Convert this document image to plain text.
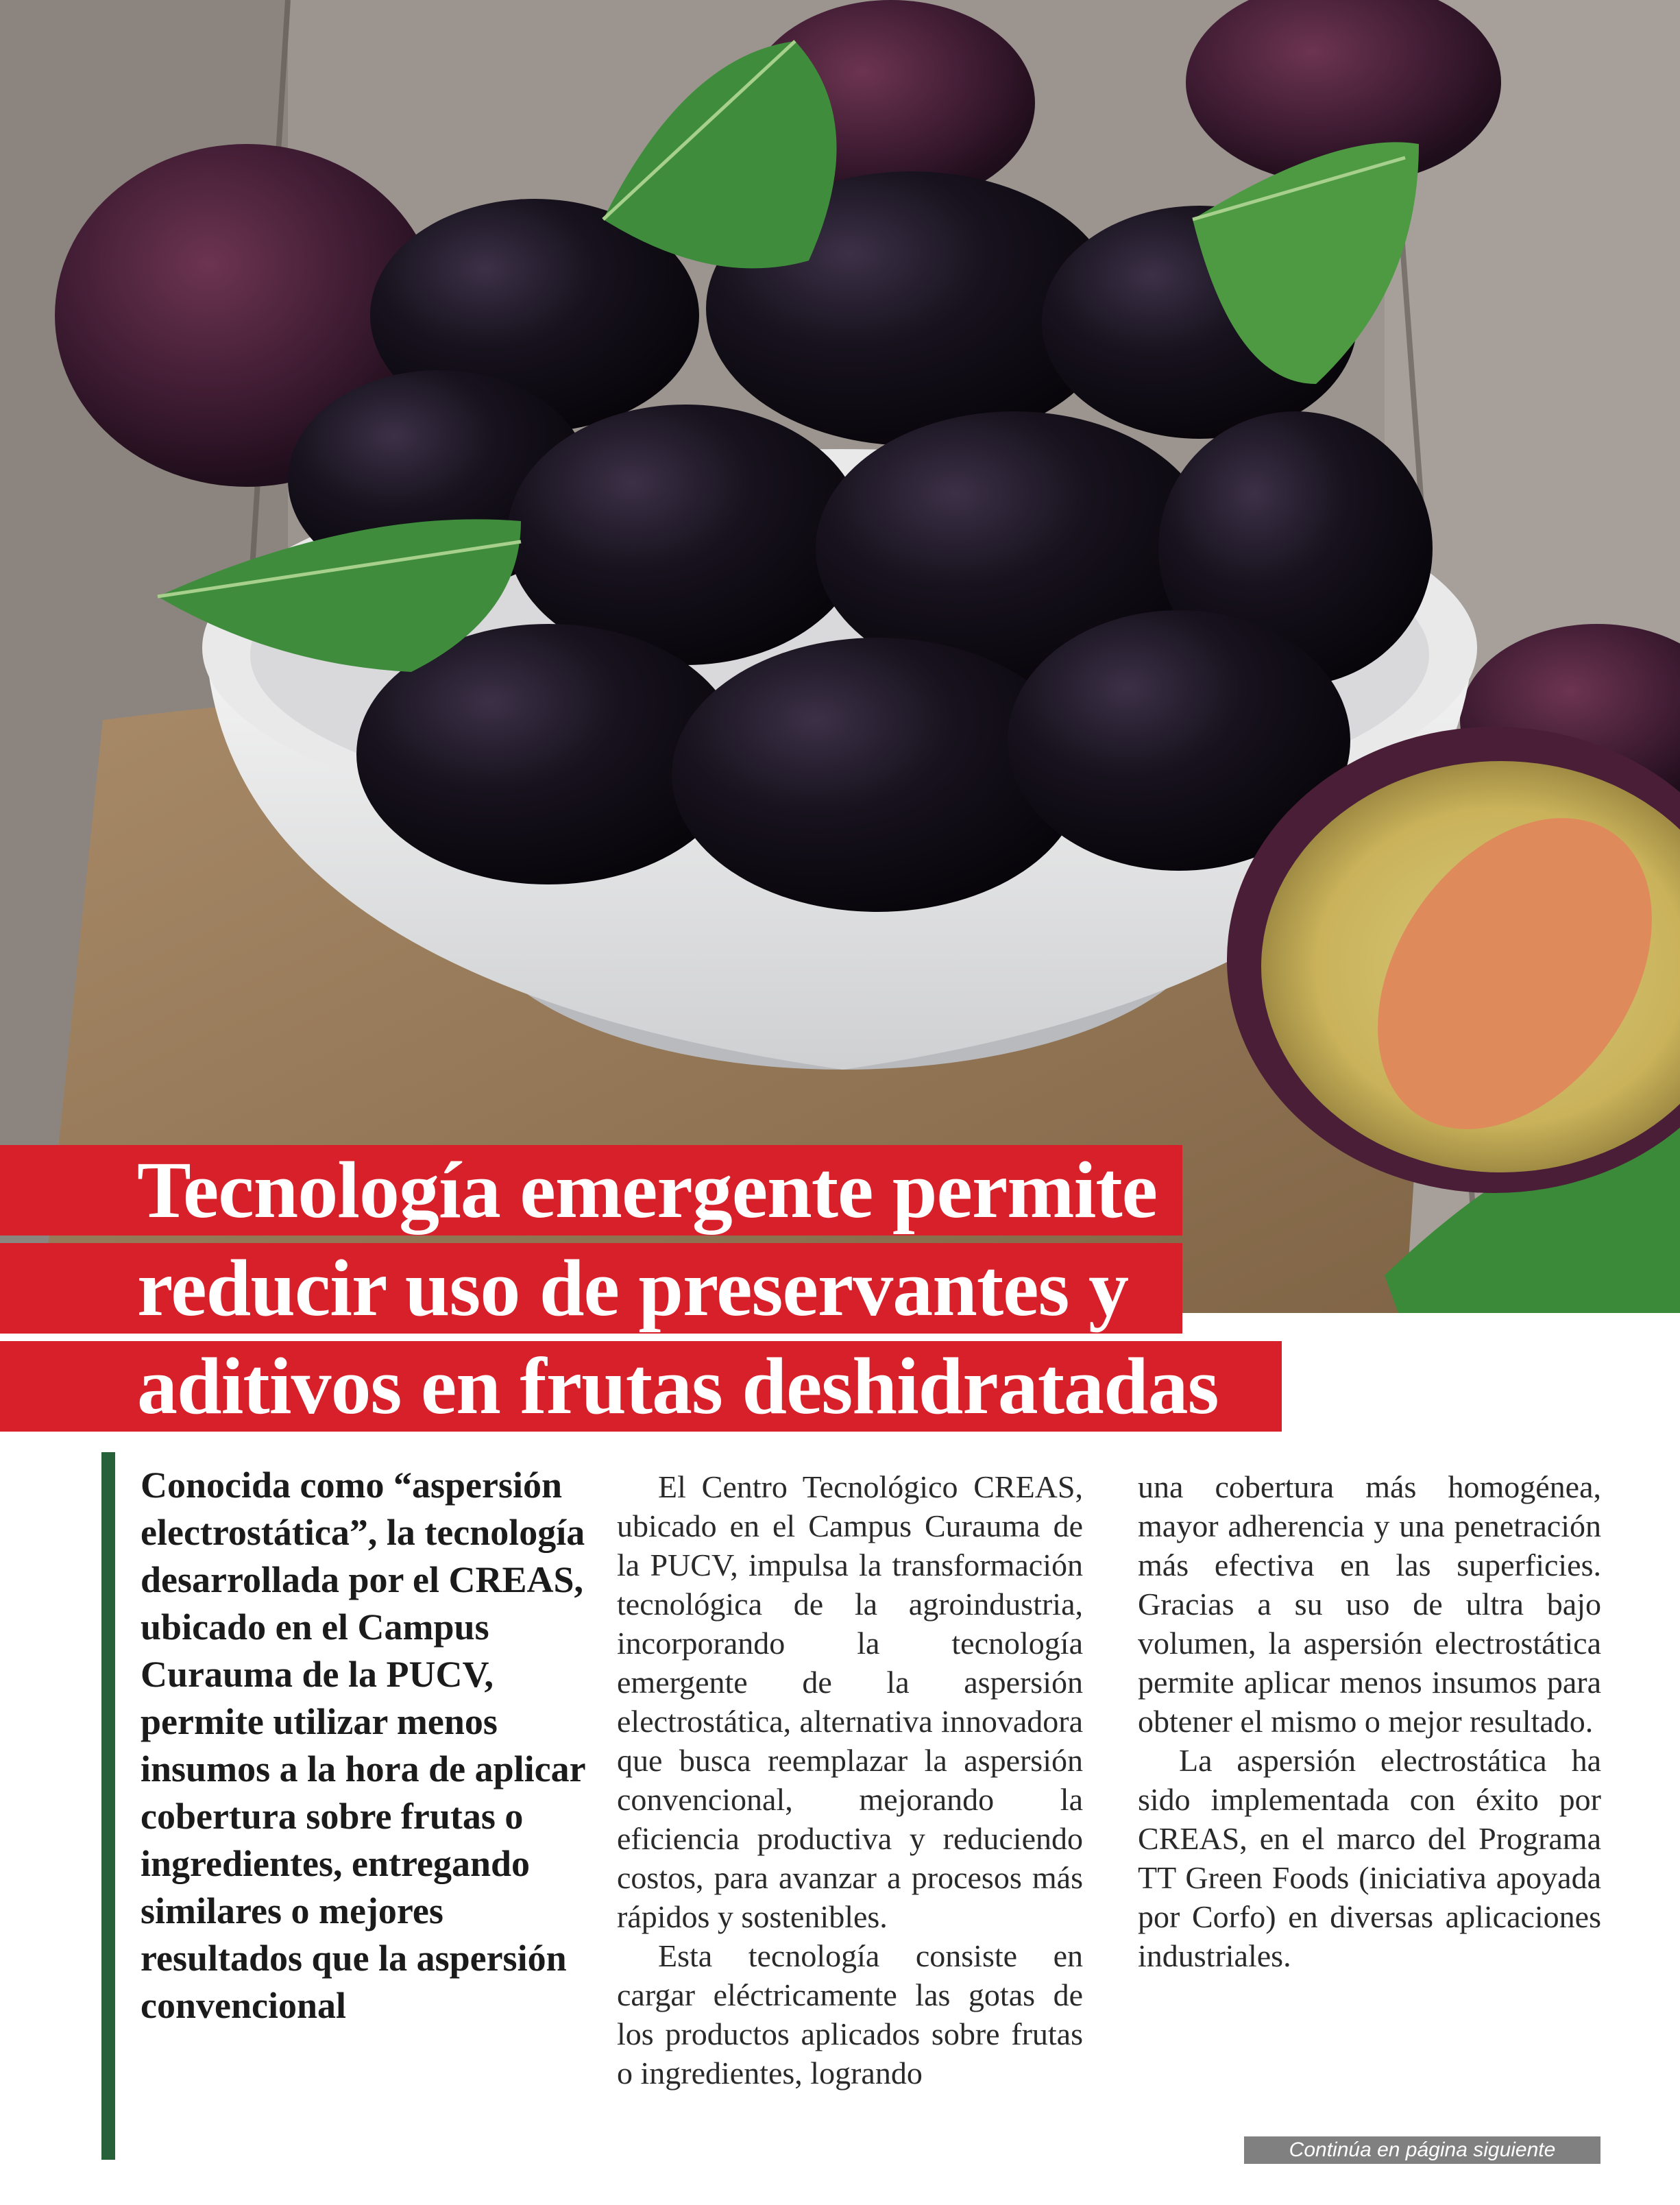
Tecnología emergente permite
reducir uso de preservantes y
aditivos en frutas deshidratadas
Conocida como “aspersión electrostática”, la tecnología desarrollada por el CREAS, ubicado en el Campus Curauma de la PUCV, permite utilizar menos insumos a la hora de aplicar cobertura sobre frutas o ingredientes, entregando similares o mejores resultados que la aspersión convencional

El Centro Tecnológico CREAS, ubicado en el Campus Curauma de la PUCV, impulsa la transformación tecnológica de la agroindustria, incorporando la tecnología emergente de la aspersión electrostática, alternativa innovadora que busca reemplazar la aspersión convencional, mejorando la eficiencia productiva y reduciendo costos, para avanzar a procesos más rápidos y sostenibles.

Esta tecnología consiste en cargar eléctricamente las gotas de los productos aplicados sobre frutas o ingredientes, logrando

una cobertura más homogénea, mayor adherencia y una penetración más efectiva en las superficies. Gracias a su uso de ultra bajo volumen, la aspersión electrostática permite aplicar menos insumos para obtener el mismo o mejor resultado.

La aspersión electrostática ha sido implementada con éxito por CREAS, en el marco del Programa TT Green Foods (iniciativa apoyada por Corfo) en diversas aplicaciones industriales.

Continúa en página siguiente
